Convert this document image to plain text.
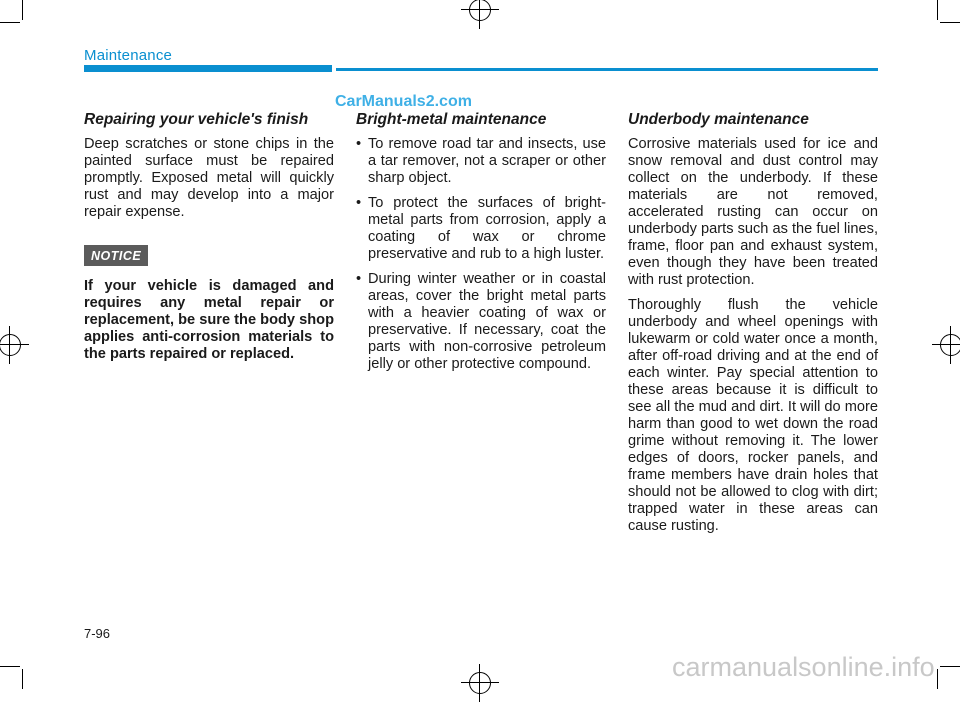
Maintenance
CarManuals2.com
Repairing your vehicle's finish

Deep scratches or stone chips in the painted surface must be repaired promptly. Exposed metal will quickly rust and may develop into a major repair expense.

NOTICE

If your vehicle is damaged and requires any metal repair or replacement, be sure the body shop applies anti-corrosion materials to the parts repaired or replaced.

Bright-metal maintenance
• To remove road tar and insects, use a tar remover, not a scraper or other sharp object.
• To protect the surfaces of bright-metal parts from corrosion, apply a coating of wax or chrome preservative and rub to a high luster.
• During winter weather or in coastal areas, cover the bright metal parts with a heavier coating of wax or preservative. If necessary, coat the parts with non-corrosive petroleum jelly or other protective compound.
Underbody maintenance

Corrosive materials used for ice and snow removal and dust control may collect on the underbody. If these materials are not removed, accelerated rusting can occur on underbody parts such as the fuel lines, frame, floor pan and exhaust system, even though they have been treated with rust protection.

Thoroughly flush the vehicle underbody and wheel openings with lukewarm or cold water once a month, after off-road driving and at the end of each winter. Pay special attention to these areas because it is difficult to see all the mud and dirt. It will do more harm than good to wet down the road grime without removing it. The lower edges of doors, rocker panels, and frame members have drain holes that should not be allowed to clog with dirt; trapped water in these areas can cause rusting.

7-96
carmanualsonline.info
